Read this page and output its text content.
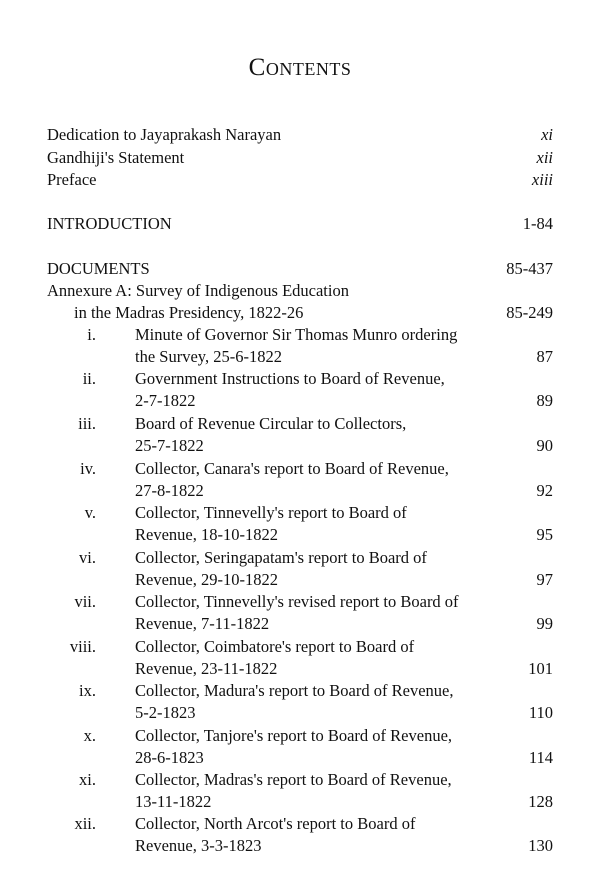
Contents
Dedication to Jayaprakash Narayan	xi
Gandhiji's Statement	xii
Preface	xiii
INTRODUCTION	1-84
DOCUMENTS	85-437
Annexure A: Survey of Indigenous Education
in the Madras Presidency, 1822-26	85-249
i. Minute of Governor Sir Thomas Munro ordering
the Survey, 25-6-1822	87
ii. Government Instructions to Board of Revenue,
2-7-1822	89
iii. Board of Revenue Circular to Collectors,
25-7-1822	90
iv. Collector, Canara's report to Board of Revenue,
27-8-1822	92
v. Collector, Tinnevelly's report to Board of
Revenue, 18-10-1822	95
vi. Collector, Seringapatam's report to Board of
Revenue, 29-10-1822	97
vii. Collector, Tinnevelly's revised report to Board of
Revenue, 7-11-1822	99
viii. Collector, Coimbatore's report to Board of
Revenue, 23-11-1822	101
ix. Collector, Madura's report to Board of Revenue,
5-2-1823	110
x. Collector, Tanjore's report to Board of Revenue,
28-6-1823	114
xi. Collector, Madras's report to Board of Revenue,
13-11-1822	128
xii. Collector, North Arcot's report to Board of
Revenue, 3-3-1823	130
